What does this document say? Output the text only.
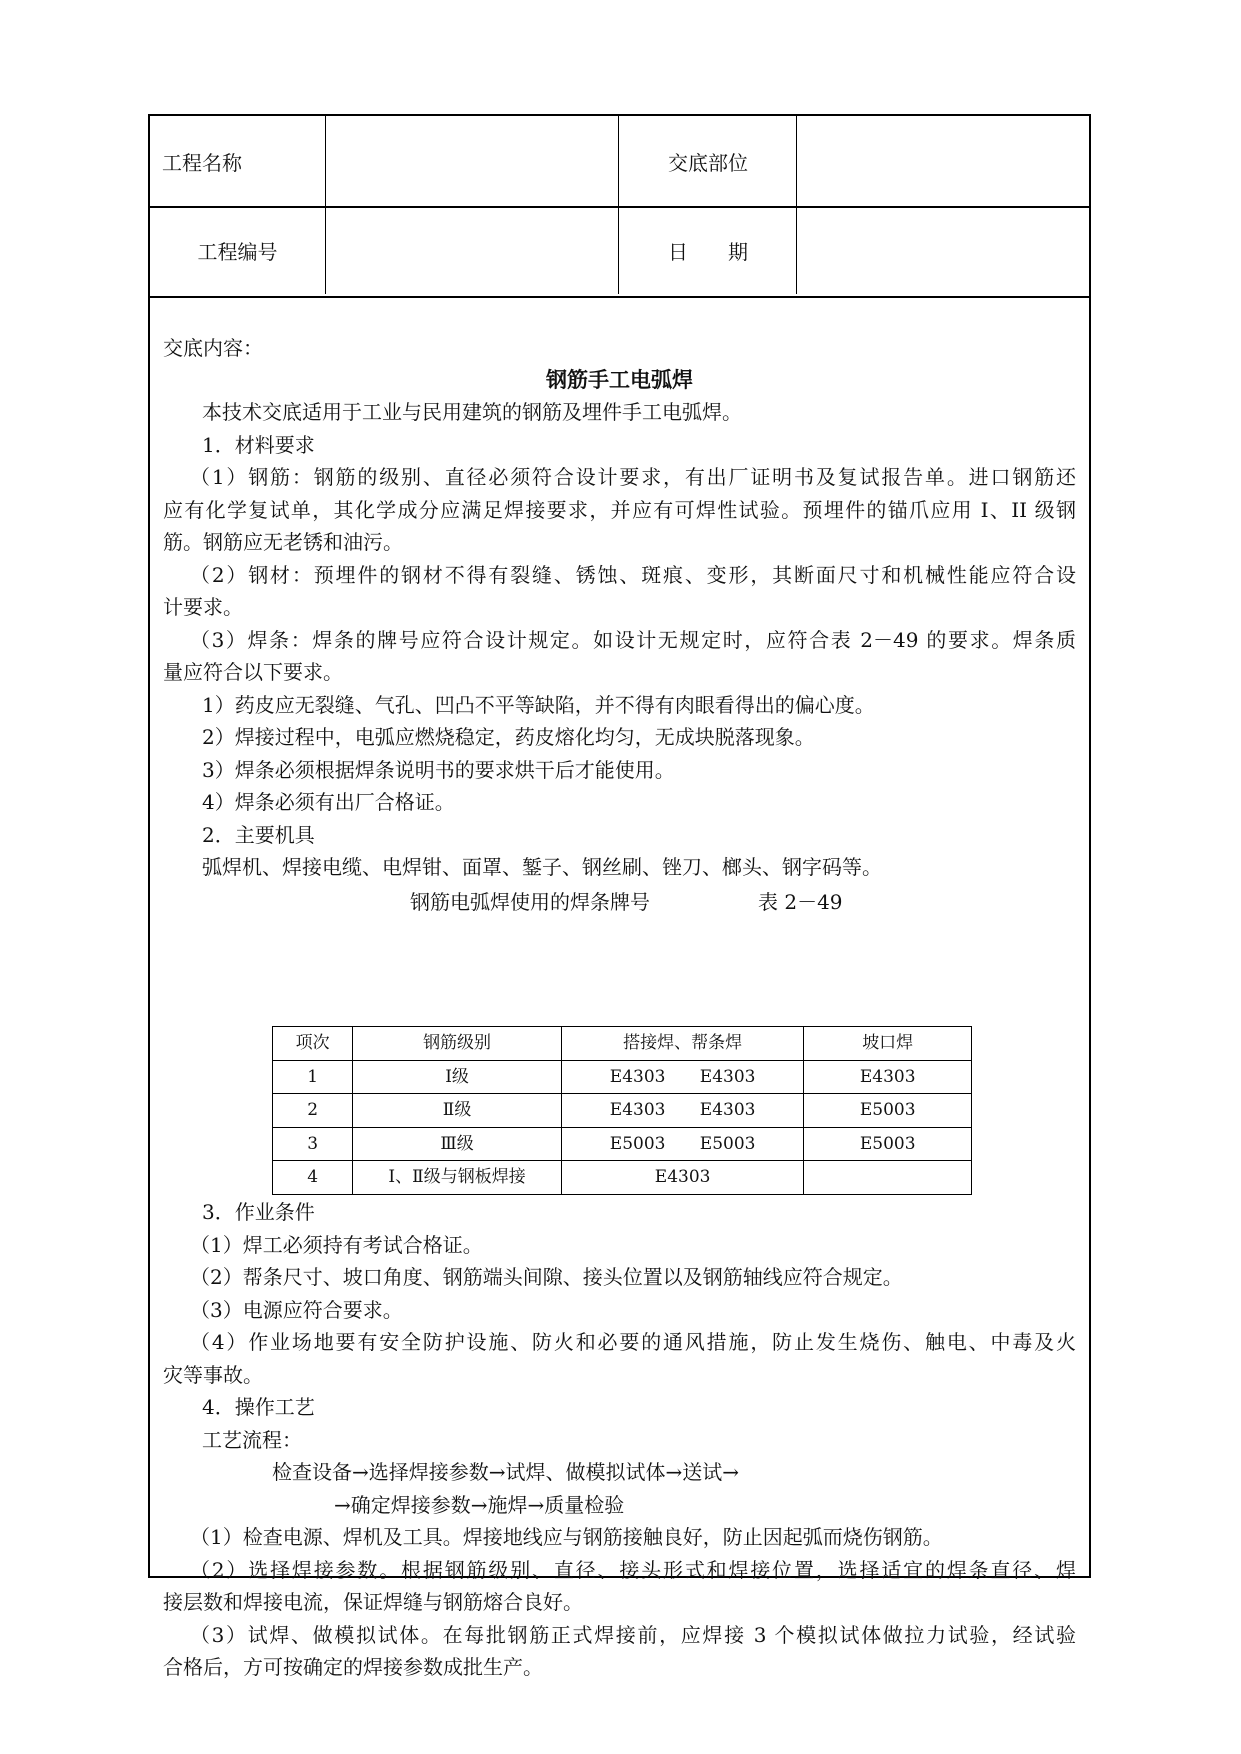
工程名称	交底部位
工程编号	日　　期
交底内容：
钢筋手工电弧焊
本技术交底适用于工业与民用建筑的钢筋及埋件手工电弧焊。
1．材料要求
（1）钢筋：钢筋的级别、直径必须符合设计要求，有出厂证明书及复试报告单。进口钢筋还
应有化学复试单，其化学成分应满足焊接要求，并应有可焊性试验。预埋件的锚爪应用 I、II 级钢
筋。钢筋应无老锈和油污。
（2）钢材：预埋件的钢材不得有裂缝、锈蚀、斑痕、变形，其断面尺寸和机械性能应符合设
计要求。
（3）焊条：焊条的牌号应符合设计规定。如设计无规定时，应符合表 2－49 的要求。焊条质
量应符合以下要求。
1）药皮应无裂缝、气孔、凹凸不平等缺陷，并不得有肉眼看得出的偏心度。
2）焊接过程中，电弧应燃烧稳定，药皮熔化均匀，无成块脱落现象。
3）焊条必须根据焊条说明书的要求烘干后才能使用。
4）焊条必须有出厂合格证。
2．主要机具
弧焊机、焊接电缆、电焊钳、面罩、錾子、钢丝刷、锉刀、榔头、钢字码等。
钢筋电弧焊使用的焊条牌号	表 2－49
项次	钢筋级别	搭接焊、帮条焊	坡口焊
1	Ⅰ级	E4303 E4303	E4303
2	Ⅱ级	E4303 E4303	E5003
3	Ⅲ级	E5003 E5003	E5003
4	Ⅰ、Ⅱ级与钢板焊接	E4303	
3．作业条件
（1）焊工必须持有考试合格证。
（2）帮条尺寸、坡口角度、钢筋端头间隙、接头位置以及钢筋轴线应符合规定。
（3）电源应符合要求。
（4）作业场地要有安全防护设施、防火和必要的通风措施，防止发生烧伤、触电、中毒及火
灾等事故。
4．操作工艺
工艺流程：
检查设备→选择焊接参数→试焊、做模拟试体→送试→
→确定焊接参数→施焊→质量检验
（1）检查电源、焊机及工具。焊接地线应与钢筋接触良好，防止因起弧而烧伤钢筋。
（2）选择焊接参数。根据钢筋级别、直径、接头形式和焊接位置，选择适宜的焊条直径、焊
接层数和焊接电流，保证焊缝与钢筋熔合良好。
（3）试焊、做模拟试体。在每批钢筋正式焊接前，应焊接 3 个模拟试体做拉力试验，经试验
合格后，方可按确定的焊接参数成批生产。
